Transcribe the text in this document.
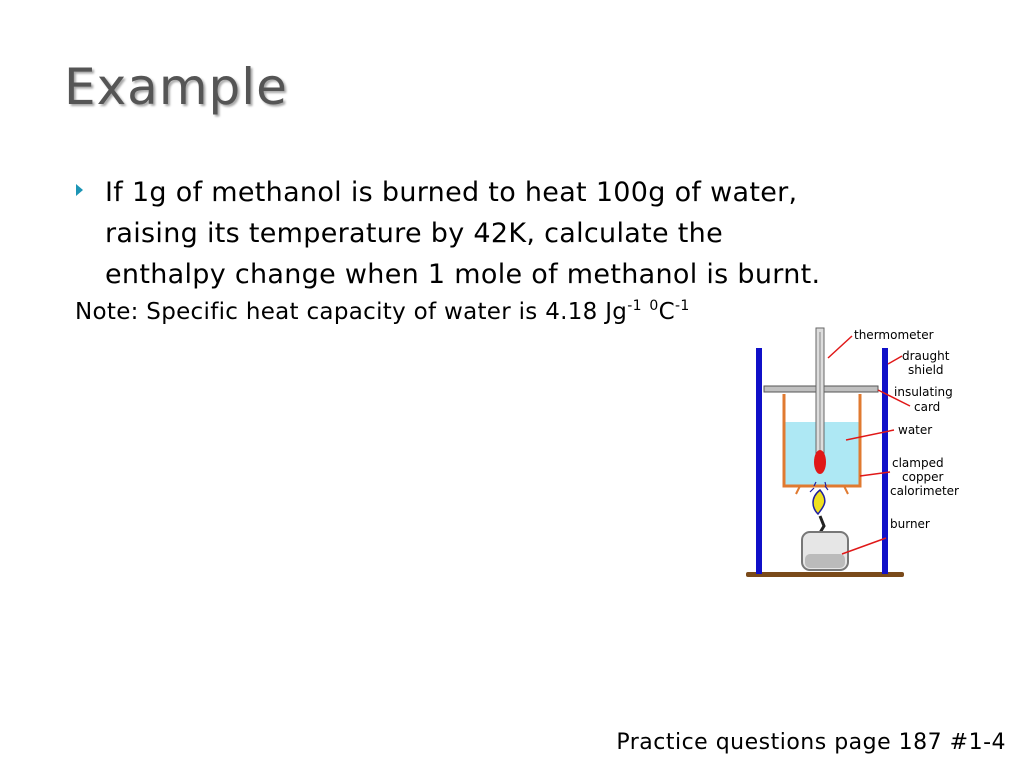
Example

If 1g of methanol is burned to heat 100g of water,
raising its temperature by 42K, calculate the
enthalpy change when 1 mole of methanol is burnt.

Note: Specific heat capacity of water is 4.18 $Jg^{-1}$ $^0C^{-1}$

thermometer
draught
shield
insulating
card
water
clamped
copper
calorimeter
burner

Practice questions page 187 #1-4
